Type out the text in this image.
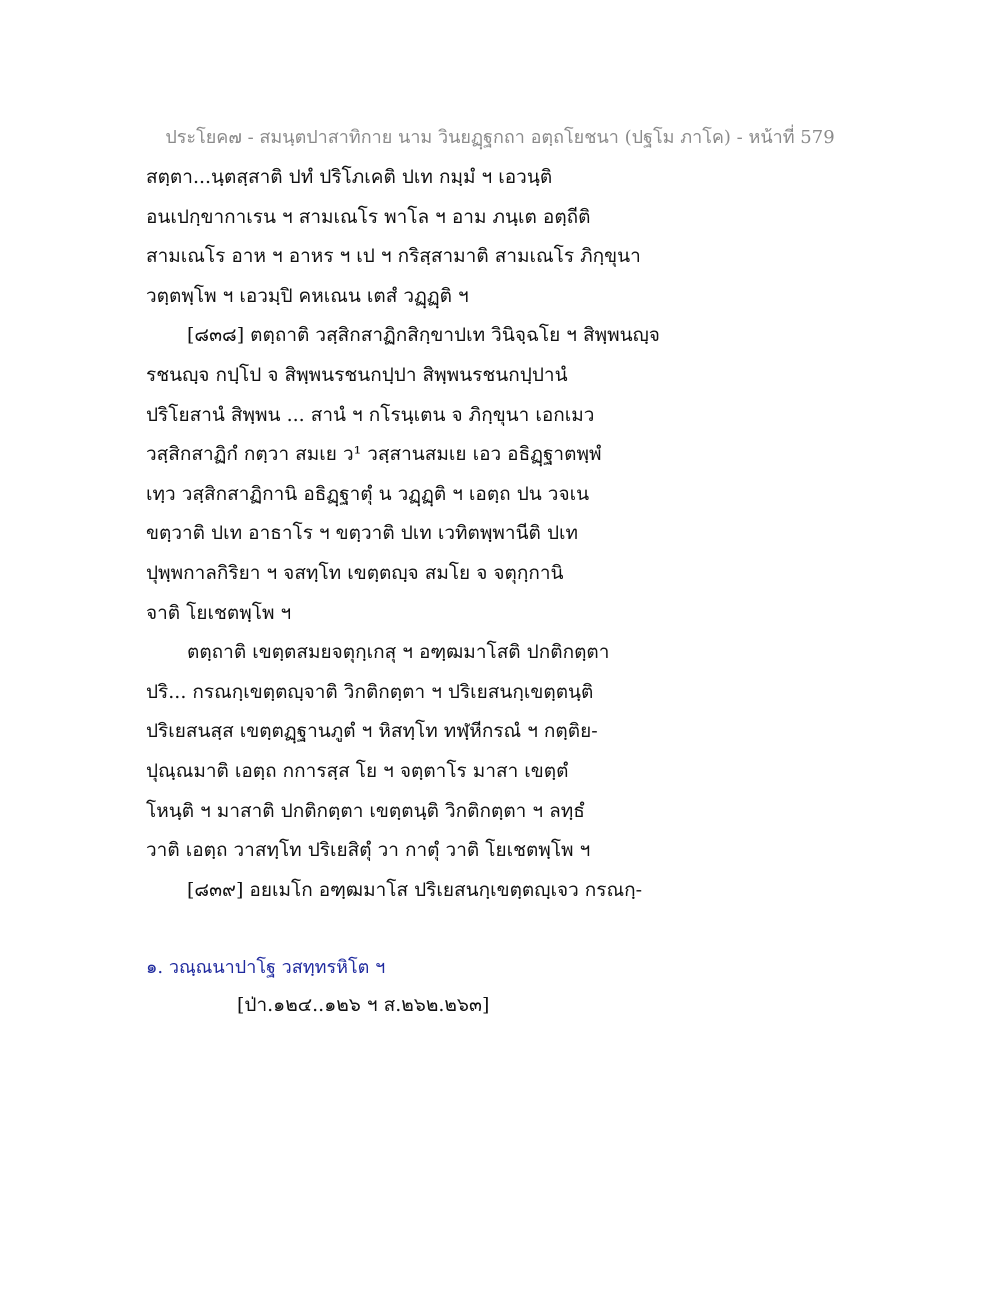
ประโยค๗ - สมนฺตปาสาทิกาย นาม วินยฏฺฐกถา อตฺถโยชนา (ปฐโม ภาโค) - หน้าที่ 579
สตฺตา...นฺตสฺสาติ ปทํ ปริโภเคติ ปเท กมฺมํ ฯ เอวนฺติ
อนเปกฺขากาเรน ฯ สามเณโร พาโล ฯ อาม ภนฺเต อตฺถีติ
สามเณโร อาห ฯ อาหร ฯ เป ฯ กริสฺสามาติ สามเณโร ภิกฺขุนา
วตฺตพฺโพ ฯ เอวมฺปิ คหเณน เตสํ วฏฺฏฺติ ฯ
[๘๓๘] ตตฺถาติ วสฺสิกสาฏิกสิกฺขาปเท วินิจฺฉโย ฯ สิพฺพนญฺจ
รชนญฺจ กปฺโป จ สิพฺพนรชนกปฺปา สิพฺพนรชนกปฺปานํ
ปริโยสานํ สิพฺพน ... สานํ ฯ กโรนฺเตน จ ภิกฺขุนา เอกเมว
วสฺสิกสาฏิกํ กตฺวา สมเย ว¹ วสฺสานสมเย เอว อธิฏฺฐาตพฺพํ
เทฺว วสฺสิกสาฏิกานิ อธิฏฺฐาตุํ น วฏฺฏฺติ ฯ เอตฺถ ปน วจเน
ขตฺวาติ ปเท อาธาโร ฯ ขตฺวาติ ปเท เวทิตพฺพานีติ ปเท
ปุพฺพกาลกิริยา ฯ จสทฺโท เขตฺตญฺจ สมโย จ จตุกฺกานิ
จาติ โยเชตพฺโพ ฯ
ตตฺถาติ เขตฺตสมยจตุกฺเกสุ ฯ อฑฺฒมาโสติ ปกติกตฺตา
ปริ... กรณกฺเขตฺตญฺจาติ วิกติกตฺตา ฯ ปริเยสนกฺเขตฺตนฺติ
ปริเยสนสฺส เขตฺตฏฺฐานภูตํ ฯ หิสทฺโท ทฬฺหีกรณํ ฯ กตฺติย-
ปุณฺณมาติ เอตฺถ กการสฺส โย ฯ จตฺตาโร มาสา เขตฺตํ
โหนฺติ ฯ มาสาติ ปกติกตฺตา เขตฺตนฺติ วิกติกตฺตา ฯ ลทฺธํ
วาติ เอตฺถ วาสทฺโท ปริเยสิตุํ วา กาตุํ วาติ โยเชตพฺโพ ฯ
[๘๓๙] อยเมโก อฑฺฒมาโส ปริเยสนกฺเขตฺตญฺเจว กรณกฺ-
๑. วณฺณนาปาโฐ วสทฺทรหิโต ฯ
[ป่า.๑๒๔..๑๒๖ ฯ ส.๒๖๒.๒๖๓]
